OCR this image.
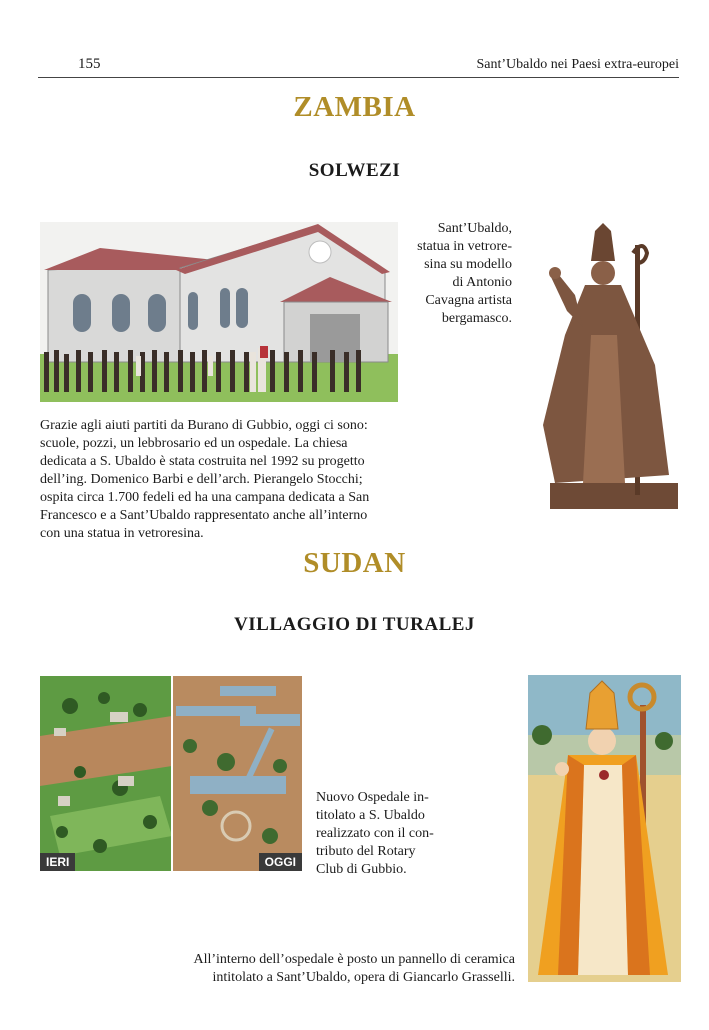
155	Sant’Ubaldo nei Paesi extra-europei
ZAMBIA
SOLWEZI
Sant’Ubaldo, statua in vetrore-sina su modello di Antonio Cavagna artista bergamasco.
Grazie agli aiuti partiti da Burano di Gubbio, oggi ci sono: scuole, pozzi, un lebbrosario ed un ospedale. La chiesa dedicata a S. Ubaldo è stata costruita nel 1992 su progetto dell’ing. Domenico Barbi e dell’arch. Pierangelo Stocchi; ospita circa 1.700 fedeli ed ha una campana dedicata a San Francesco e a Sant’Ubaldo rappresentato anche all’interno con una statua in vetroresina.
SUDAN
VILLAGGIO DI TURALEJ
IERI	OGGI
Nuovo Ospedale in-titolato a S. Ubaldo realizzato con il con-tributo del Rotary Club di Gubbio.
All’interno dell’ospedale è posto un pannello di ceramica intitolato a Sant’Ubaldo, opera di Giancarlo Grasselli.
